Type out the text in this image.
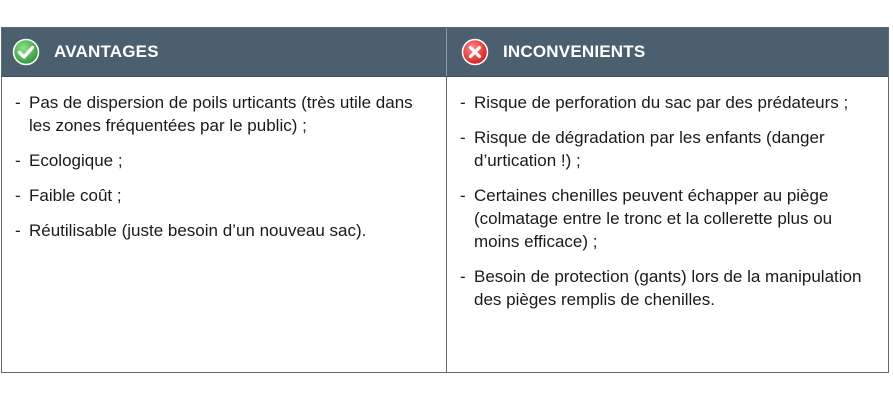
AVANTAGES	INCONVENIENTS
- Pas de dispersion de poils urticants (très utile dans les zones fréquentées par le public) ;
- Ecologique ;
- Faible coût ;
- Réutilisable (juste besoin d’un nouveau sac).
- Risque de perforation du sac par des prédateurs ;
- Risque de dégradation par les enfants (danger d’urtication !) ;
- Certaines chenilles peuvent échapper au piège (colmatage entre le tronc et la collerette plus ou moins efficace) ;
- Besoin de protection (gants) lors de la manipulation des pièges remplis de chenilles.
